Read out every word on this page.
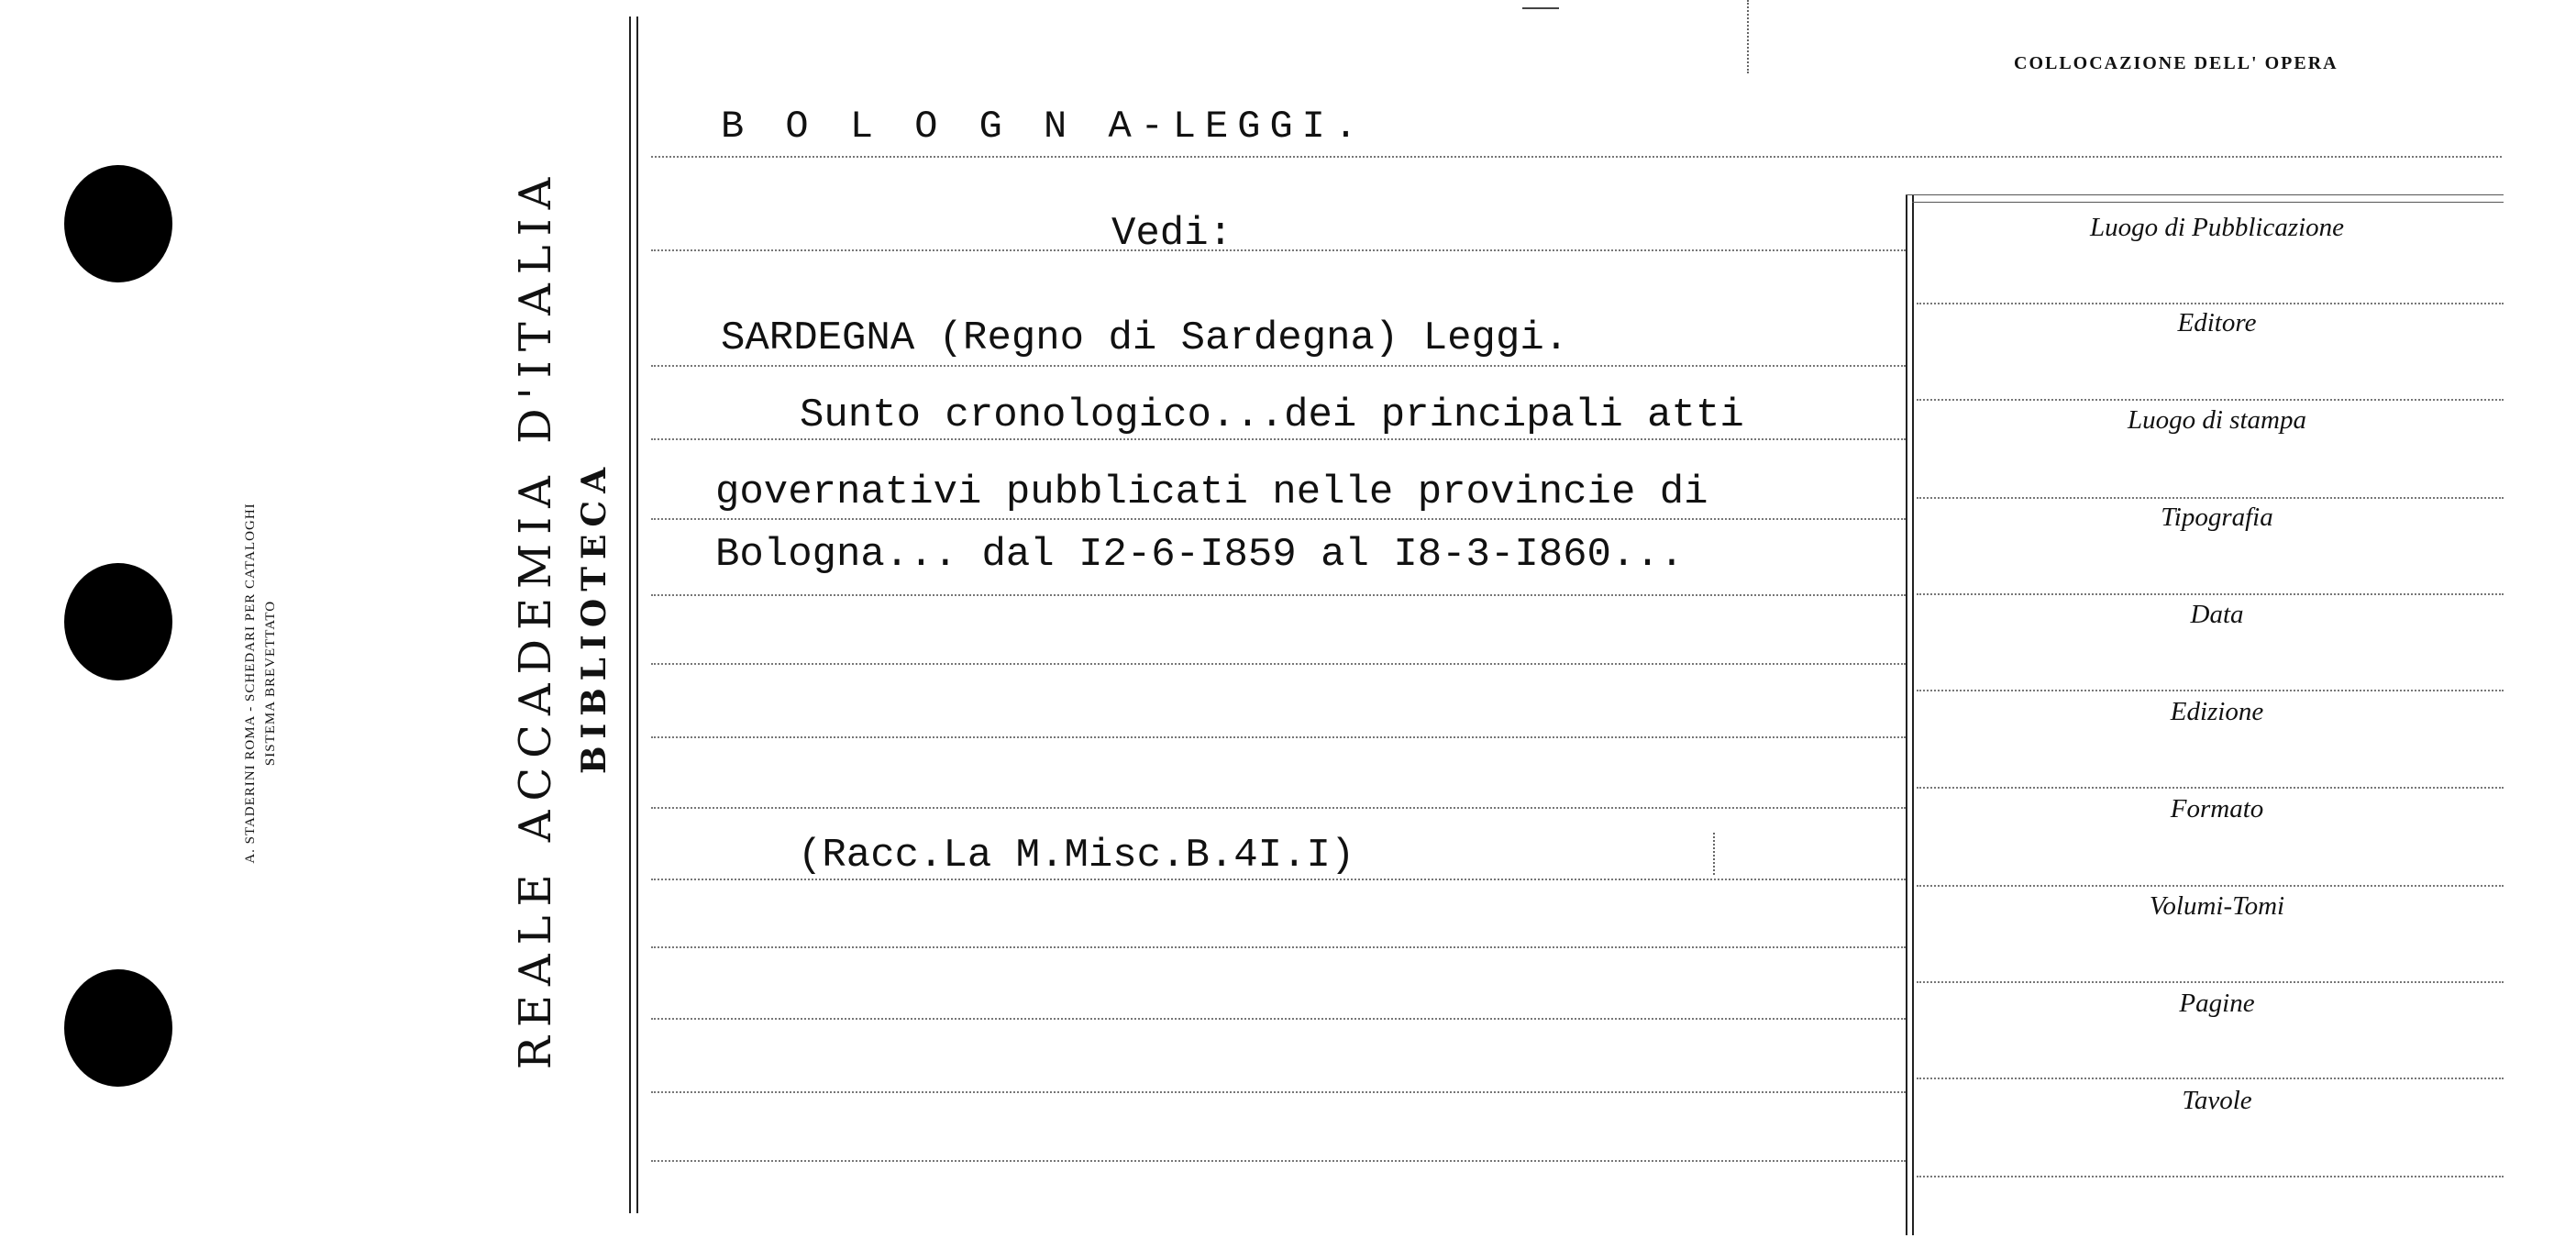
A. STADERINI ROMA - SCHEDARI PER CATALOGHI SISTEMA BREVETTATO	REALE ACCADEMIA D'ITALIA BIBLIOTECA
B O L O G N A-LEGGI.
Vedi:
SARDEGNA (Regno di Sardegna) Leggi.
Sunto cronologico...dei principali atti
governativi pubblicati nelle provincie di
Bologna... dal I2-6-I859 al I8-3-I860...
(Racc.La M.Misc.B.4I.I)
COLLOCAZIONE DELL' OPERA
Luogo di Pubblicazione
Editore
Luogo di stampa
Tipografia
Data
Edizione
Formato
Volumi-Tomi
Pagine
Tavole
